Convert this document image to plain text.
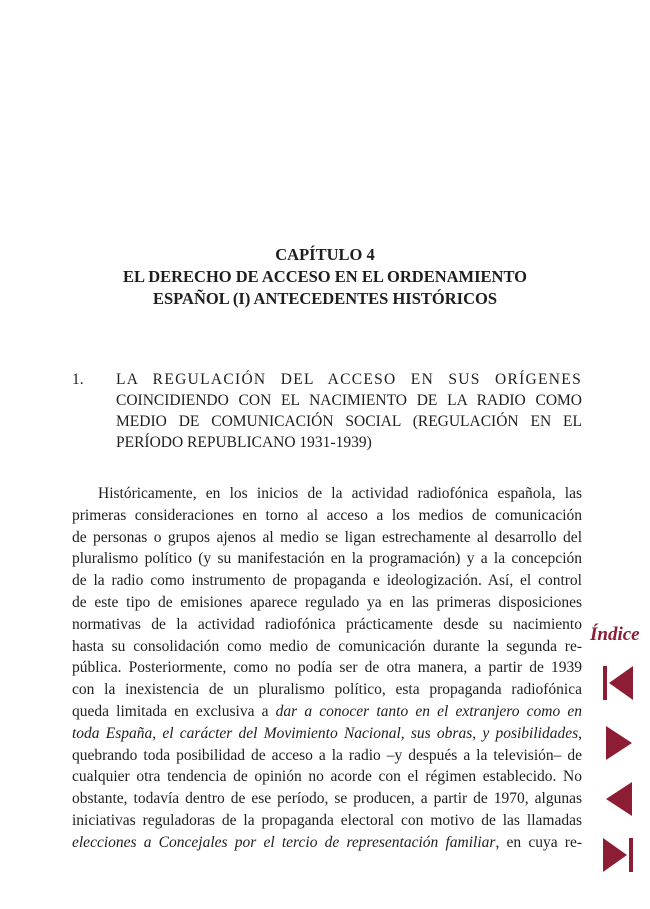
CAPÍTULO 4
EL DERECHO DE ACCESO EN EL ORDENAMIENTO
ESPAÑOL (I) ANTECEDENTES HISTÓRICOS
1. LA REGULACIÓN DEL ACCESO EN SUS ORÍGENES
COINCIDIENDO CON EL NACIMIENTO DE LA RADIO COMO
MEDIO DE COMUNICACIÓN SOCIAL (REGULACIÓN EN EL
PERÍODO REPUBLICANO 1931-1939)
Históricamente, en los inicios de la actividad radiofónica española, las
primeras consideraciones en torno al acceso a los medios de comunicación
de personas o grupos ajenos al medio se ligan estrechamente al desarrollo del
pluralismo político (y su manifestación en la programación) y a la concepción
de la radio como instrumento de propaganda e ideologización. Así, el control
de este tipo de emisiones aparece regulado ya en las primeras disposiciones
normativas de la actividad radiofónica prácticamente desde su nacimiento
hasta su consolidación como medio de comunicación durante la segunda re-
pública. Posteriormente, como no podía ser de otra manera, a partir de 1939
con la inexistencia de un pluralismo político, esta propaganda radiofónica
queda limitada en exclusiva a dar a conocer tanto en el extranjero como en
toda España, el carácter del Movimiento Nacional, sus obras, y posibilidades,
quebrando toda posibilidad de acceso a la radio –y después a la televisión– de
cualquier otra tendencia de opinión no acorde con el régimen establecido. No
obstante, todavía dentro de ese período, se producen, a partir de 1970, algunas
iniciativas reguladoras de la propaganda electoral con motivo de las llamadas
elecciones a Concejales por el tercio de representación familiar, en cuya re-
Índice
